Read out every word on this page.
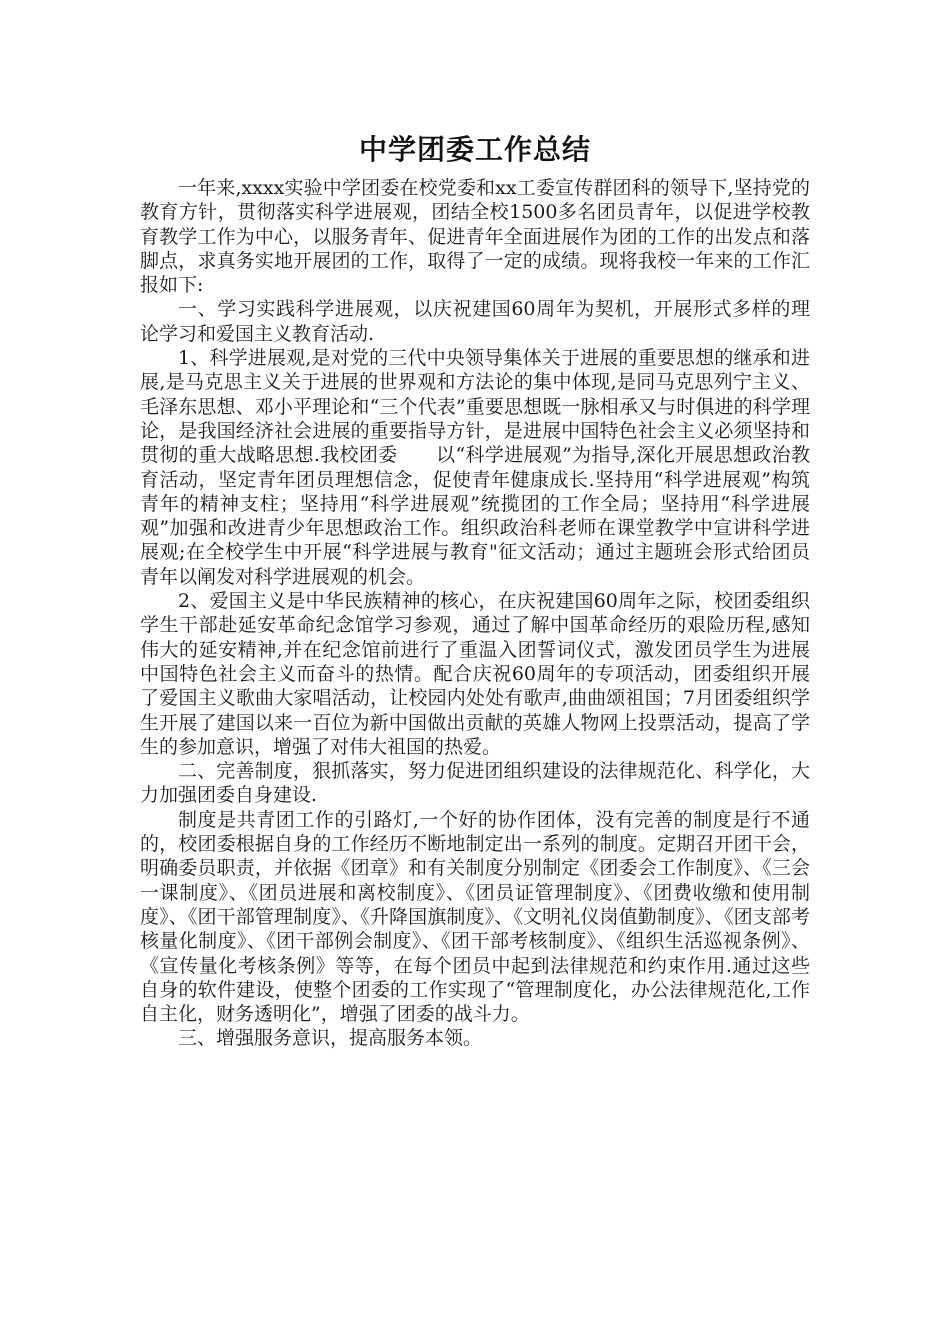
中学团委工作总结

一年来,xxxx实验中学团委在校党委和xx工委宣传群团科的领导下,坚持党的教育方针，贯彻落实科学进展观，团结全校1500多名团员青年，以促进学校教育教学工作为中心，以服务青年、促进青年全面进展作为团的工作的出发点和落脚点，求真务实地开展团的工作，取得了一定的成绩。现将我校一年来的工作汇报如下:

一、学习实践科学进展观，以庆祝建国60周年为契机，开展形式多样的理论学习和爱国主义教育活动.

1、科学进展观,是对党的三代中央领导集体关于进展的重要思想的继承和进展,是马克思主义关于进展的世界观和方法论的集中体现,是同马克思列宁主义、毛泽东思想、邓小平理论和“三个代表”重要思想既一脉相承又与时俱进的科学理论，是我国经济社会进展的重要指导方针，是进展中国特色社会主义必须坚持和贯彻的重大战略思想.我校团委　　以“科学进展观”为指导,深化开展思想政治教育活动，坚定青年团员理想信念，促使青年健康成长.坚持用“科学进展观”构筑青年的精神支柱；坚持用“科学进展观”统揽团的工作全局；坚持用“科学进展观”加强和改进青少年思想政治工作。组织政治科老师在课堂教学中宣讲科学进展观;在全校学生中开展“科学进展与教育"征文活动；通过主题班会形式给团员青年以阐发对科学进展观的机会。

2、爱国主义是中华民族精神的核心，在庆祝建国60周年之际，校团委组织学生干部赴延安革命纪念馆学习参观，通过了解中国革命经历的艰险历程,感知伟大的延安精神,并在纪念馆前进行了重温入团誓词仪式，激发团员学生为进展中国特色社会主义而奋斗的热情。配合庆祝60周年的专项活动，团委组织开展了爱国主义歌曲大家唱活动，让校园内处处有歌声,曲曲颂祖国；7月团委组织学生开展了建国以来一百位为新中国做出贡献的英雄人物网上投票活动，提高了学生的参加意识，增强了对伟大祖国的热爱。

二、完善制度，狠抓落实，努力促进团组织建设的法律规范化、科学化，大力加强团委自身建设.

制度是共青团工作的引路灯,一个好的协作团体，没有完善的制度是行不通的，校团委根据自身的工作经历不断地制定出一系列的制度。定期召开团干会，明确委员职责，并依据《团章》和有关制度分别制定《团委会工作制度》、《三会一课制度》、《团员进展和离校制度》、《团员证管理制度》、《团费收缴和使用制度》、《团干部管理制度》、《升降国旗制度》、《文明礼仪岗值勤制度》、《团支部考核量化制度》、《团干部例会制度》、《团干部考核制度》、《组织生活巡视条例》、《宣传量化考核条例》等等，在每个团员中起到法律规范和约束作用.通过这些自身的软件建设，使整个团委的工作实现了“管理制度化，办公法律规范化,工作自主化，财务透明化”，增强了团委的战斗力。

三、增强服务意识，提高服务本领。
